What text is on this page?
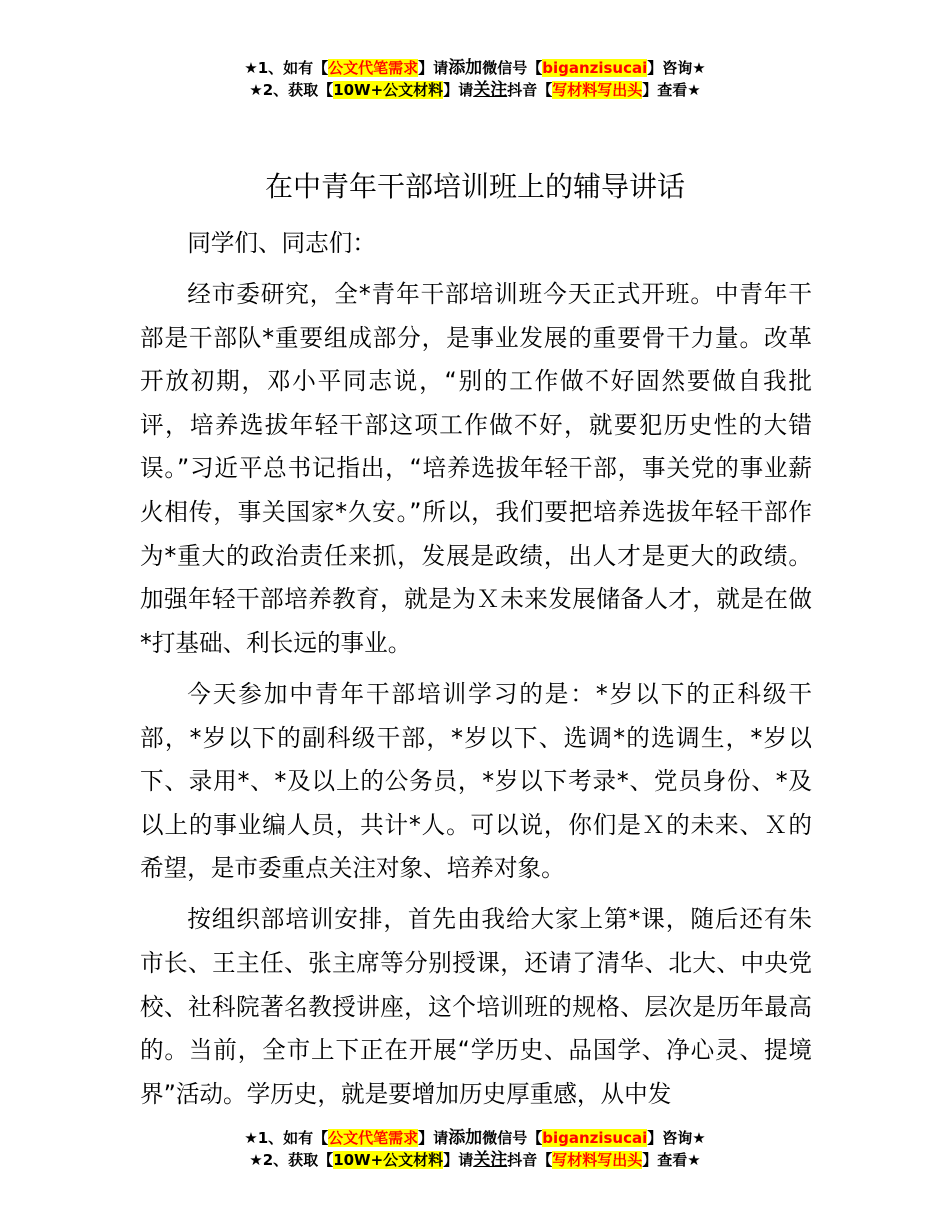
★1、如有【公文代笔需求】请添加微信号【biganzisucai】咨询★
★2、获取【10W+公文材料】请关注抖音【写材料写出头】查看★
在中青年干部培训班上的辅导讲话

同学们、同志们：

经市委研究，全*青年干部培训班今天正式开班。中青年干部是干部队*重要组成部分，是事业发展的重要骨干力量。改革开放初期，邓小平同志说，“别的工作做不好固然要做自我批评，培养选拔年轻干部这项工作做不好，就要犯历史性的大错误。”习近平总书记指出，“培养选拔年轻干部，事关党的事业薪火相传，事关国家*久安。”所以，我们要把培养选拔年轻干部作为*重大的政治责任来抓，发展是政绩，出人才是更大的政绩。加强年轻干部培养教育，就是为Ｘ未来发展储备人才，就是在做*打基础、利长远的事业。

今天参加中青年干部培训学习的是：*岁以下的正科级干部，*岁以下的副科级干部，*岁以下、选调*的选调生，*岁以下、录用*、*及以上的公务员，*岁以下考录*、党员身份、*及以上的事业编人员，共计*人。可以说，你们是Ｘ的未来、Ｘ的希望，是市委重点关注对象、培养对象。

按组织部培训安排，首先由我给大家上第*课，随后还有朱市长、王主任、张主席等分别授课，还请了清华、北大、中央党校、社科院著名教授讲座，这个培训班的规格、层次是历年最高的。当前，全市上下正在开展“学历史、品国学、净心灵、提境界”活动。学历史，就是要增加历史厚重感，从中发

★1、如有【公文代笔需求】请添加微信号【biganzisucai】咨询★
★2、获取【10W+公文材料】请关注抖音【写材料写出头】查看★
